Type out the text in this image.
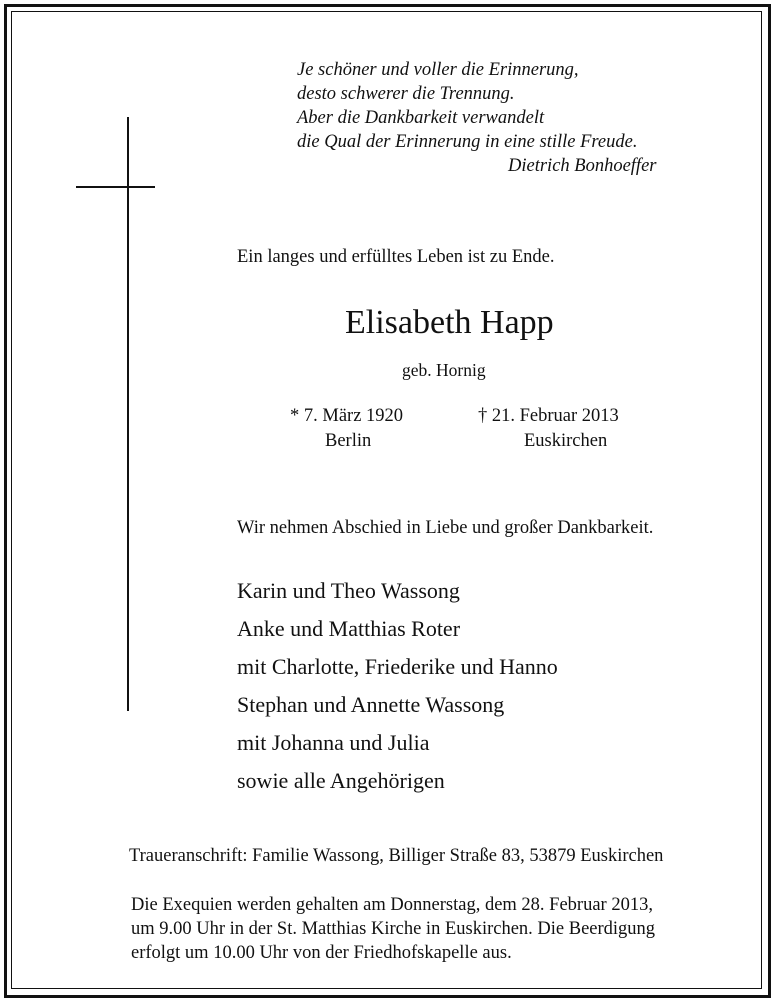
Je schöner und voller die Erinnerung,
desto schwerer die Trennung.
Aber die Dankbarkeit verwandelt
die Qual der Erinnerung in eine stille Freude.
Dietrich Bonhoeffer
Ein langes und erfülltes Leben ist zu Ende.
Elisabeth Happ
geb. Hornig
* 7. März 1920
Berlin
† 21. Februar 2013
Euskirchen
Wir nehmen Abschied in Liebe und großer Dankbarkeit.
Karin und Theo Wassong
Anke und Matthias Roter
mit Charlotte, Friederike und Hanno
Stephan und Annette Wassong
mit Johanna und Julia
sowie alle Angehörigen
Traueranschrift: Familie Wassong, Billiger Straße 83, 53879 Euskirchen
Die Exequien werden gehalten am Donnerstag, dem 28. Februar 2013,
um 9.00 Uhr in der St. Matthias Kirche in Euskirchen. Die Beerdigung
erfolgt um 10.00 Uhr von der Friedhofskapelle aus.
